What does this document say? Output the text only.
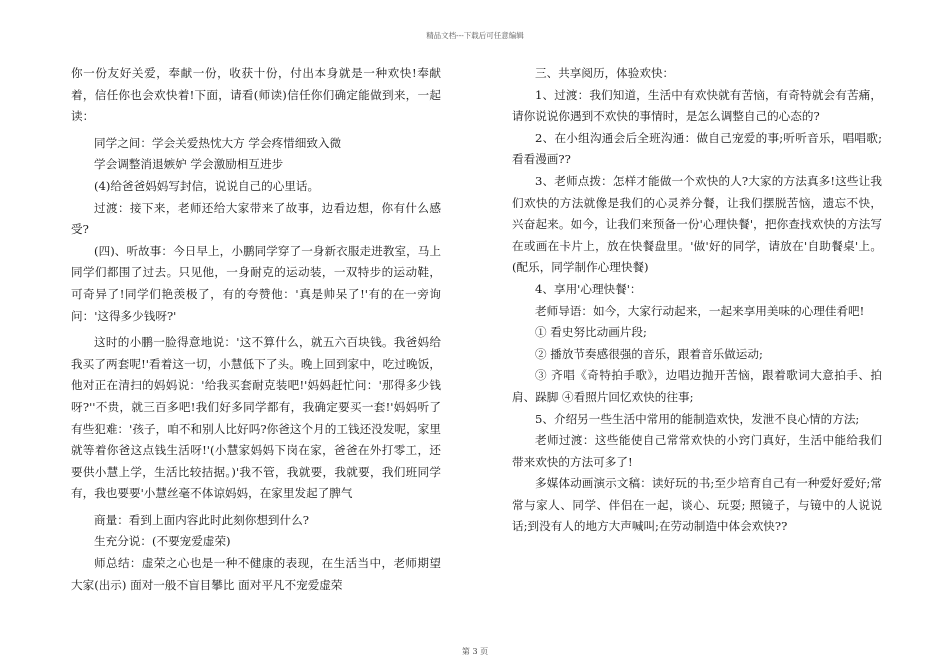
精品文档---下载后可任意编辑

你一份友好关爱，奉献一份，收获十份，付出本身就是一种欢快!奉献着，信任你也会欢快着!下面，请看(师读)信任你们确定能做到来，一起读：

同学之间：学会关爱热忱大方 学会疼惜细致入微

学会调整消退嫉妒 学会激励相互进步

(4)给爸爸妈妈写封信，说说自己的心里话。

过渡：接下来，老师还给大家带来了故事，边看边想，你有什么感受?

(四)、听故事：今日早上，小鹏同学穿了一身新衣服走进教室，马上同学们都围了过去。只见他，一身耐克的运动装，一双特步的运动鞋，可奇异了!同学们艳羡极了，有的夸赞他：'真是帅呆了!'有的在一旁询问：'这得多少钱呀?'

这时的小鹏一脸得意地说：'这不算什么，就五六百块钱。我爸妈给我买了两套呢!'看着这一切，小慧低下了头。晚上回到家中，吃过晚饭，他对正在清扫的妈妈说：'给我买套耐克装吧!'妈妈赶忙问：'那得多少钱呀?''不贵，就三百多吧!我们好多同学都有，我确定要买一套!'妈妈听了有些犯难：'孩子，咱不和别人比好吗?你爸这个月的工钱还没发呢，家里就等着你爸这点钱生活呀!'(小慧家妈妈下岗在家，爸爸在外打零工，还要供小慧上学，生活比较拮据。)'我不管，我就要，我就要，我们班同学有，我也要要'小慧丝毫不体谅妈妈，在家里发起了脾气

商量：看到上面内容此时此刻你想到什么?

生充分说：(不要宠爱虚荣)

师总结：虚荣之心也是一种不健康的表现，在生活当中，老师期望大家(出示) 面对一般不盲目攀比 面对平凡不宠爱虚荣

三、共享阅历，体验欢快：

1、过渡：我们知道，生活中有欢快就有苦恼，有奇特就会有苦痛，请你说说你遇到不欢快的事情时，是怎么调整自己的心态的?

2、在小组沟通会后全班沟通：做自己宠爱的事;听听音乐，唱唱歌;看看漫画??

3、老师点拨：怎样才能做一个欢快的人?大家的方法真多!这些让我们欢快的方法就像是我们的心灵养分餐，让我们摆脱苦恼，遗忘不快，兴奋起来。如今，让我们来预备一份'心理快餐'，把你查找欢快的方法写在或画在卡片上，放在快餐盘里。'做'好的同学，请放在'自助餐桌'上。(配乐，同学制作心理快餐)

4、享用'心理快餐'：

老师导语：如今，大家行动起来，一起来享用美味的心理佳肴吧!

① 看史努比动画片段;

② 播放节奏感很强的音乐，跟着音乐做运动;

③ 齐唱《奇特拍手歌》，边唱边抛开苦恼，跟着歌词大意拍手、拍肩、跺脚 ④看照片回忆欢快的往事;

5、介绍另一些生活中常用的能制造欢快，发泄不良心情的方法;

老师过渡：这些能使自己常常欢快的小窍门真好，生活中能给我们带来欢快的方法可多了!

多媒体动画演示文稿：读好玩的书;至少培育自己有一种爱好爱好;常常与家人、同学、伴侣在一起，谈心、玩耍; 照镜子，与镜中的人说说话;到没有人的地方大声喊叫;在劳动制造中体会欢快??

第 3 页
